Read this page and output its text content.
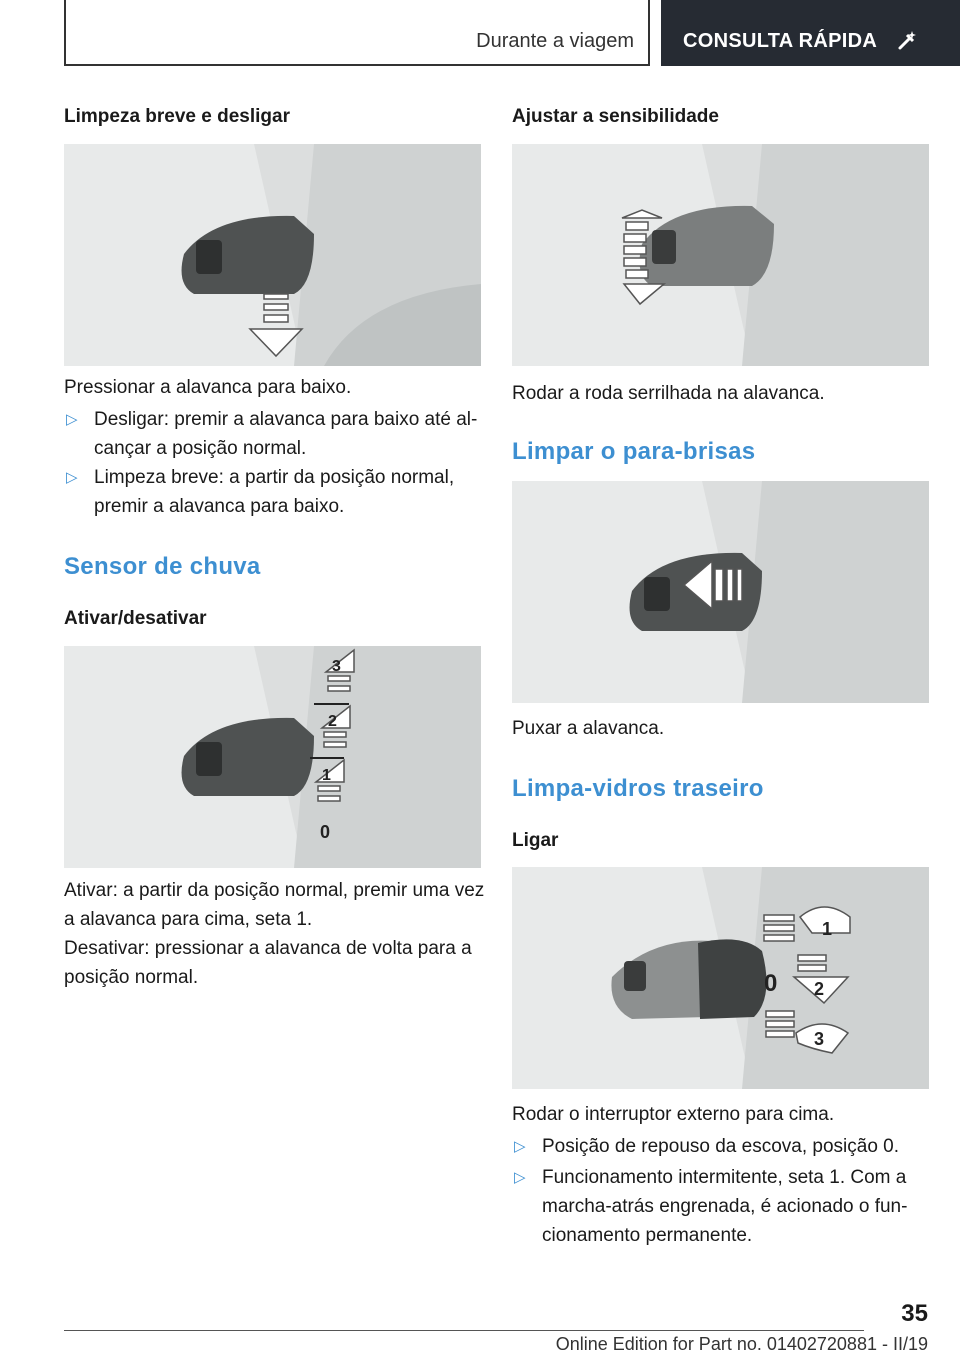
Durante a viagem CONSULTA RÁPIDA
Limpeza breve e desligar
Pressionar a alavanca para baixo.
▷ Desligar: premir a alavanca para baixo até al-
cançar a posição normal.
▷ Limpeza breve: a partir da posição normal,
premir a alavanca para baixo.
Sensor de chuva
Ativar/desativar
3
2
1
0
Ativar: a partir da posição normal, premir uma vez
a alavanca para cima, seta 1.
Desativar: pressionar a alavanca de volta para a
posição normal.
Ajustar a sensibilidade
Rodar a roda serrilhada na alavanca.
Limpar o para-brisas
Puxar a alavanca.
Limpa-vidros traseiro
Ligar
1
0 2
3
Rodar o interruptor externo para cima.
▷ Posição de repouso da escova, posição 0.
▷ Funcionamento intermitente, seta 1. Com a
marcha-atrás engrenada, é acionado o fun-
cionamento permanente.
35
Online Edition for Part no. 01402720881 - II/19
